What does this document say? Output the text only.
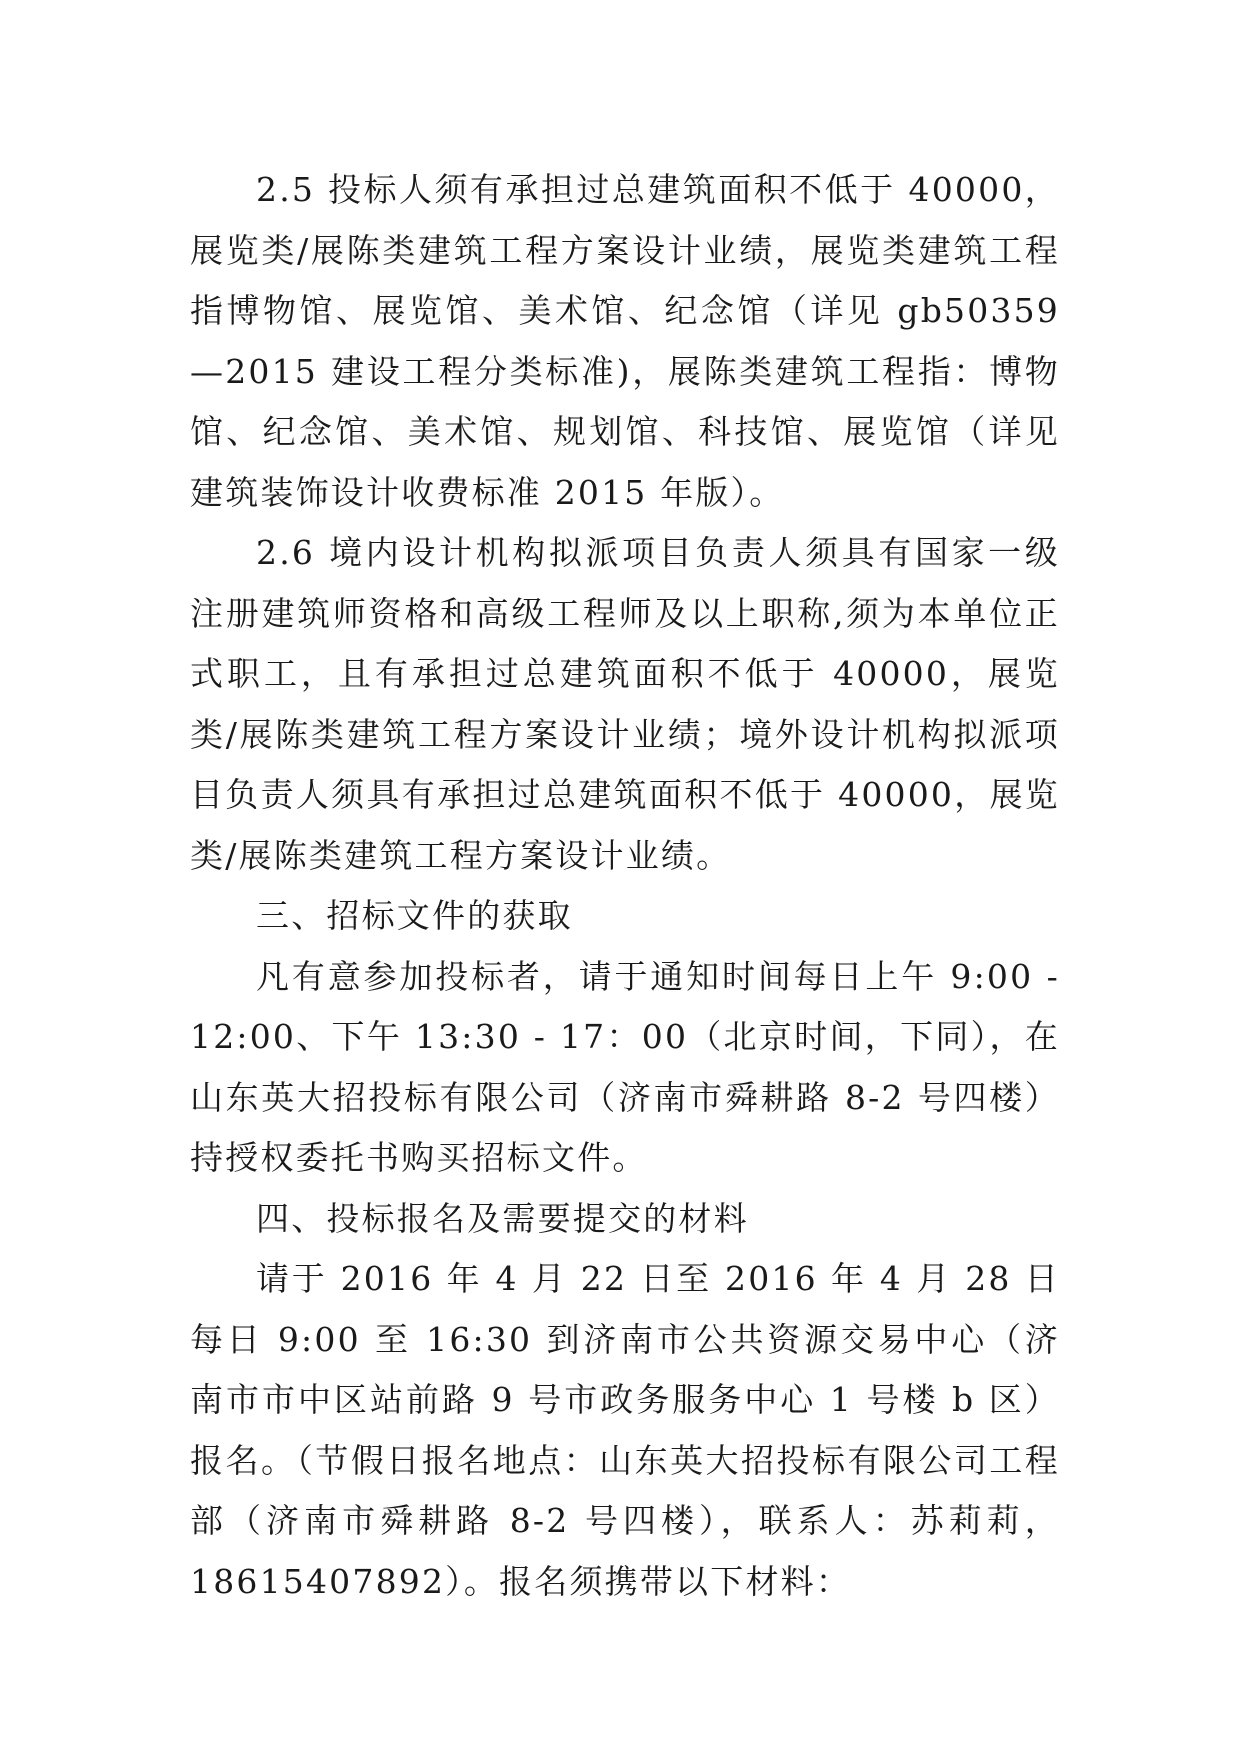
2.5 投标人须有承担过总建筑面积不低于 40000，展览类/展陈类建筑工程方案设计业绩，展览类建筑工程指博物馆、展览馆、美术馆、纪念馆（详见 gb50359—2015 建设工程分类标准)，展陈类建筑工程指：博物馆、纪念馆、美术馆、规划馆、科技馆、展览馆（详见建筑装饰设计收费标准 2015 年版）。

2.6 境内设计机构拟派项目负责人须具有国家一级注册建筑师资格和高级工程师及以上职称,须为本单位正式职工，且有承担过总建筑面积不低于 40000，展览类/展陈类建筑工程方案设计业绩；境外设计机构拟派项目负责人须具有承担过总建筑面积不低于 40000，展览类/展陈类建筑工程方案设计业绩。

三、招标文件的获取

凡有意参加投标者，请于通知时间每日上午 9:00 - 12:00、下午 13:30 - 17：00（北京时间，下同），在山东英大招投标有限公司（济南市舜耕路 8-2 号四楼）持授权委托书购买招标文件。

四、投标报名及需要提交的材料

请于 2016 年 4 月 22 日至 2016 年 4 月 28 日每日 9:00 至 16:30 到济南市公共资源交易中心（济南市市中区站前路 9 号市政务服务中心 1 号楼 b 区）报名。（节假日报名地点：山东英大招投标有限公司工程部（济南市舜耕路 8-2 号四楼），联系人：苏莉莉，18615407892）。报名须携带以下材料：
